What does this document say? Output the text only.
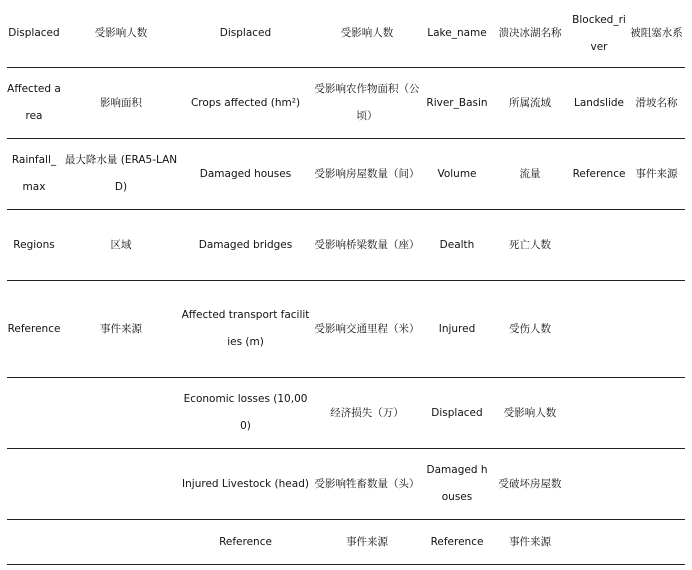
Displaced	受影响人数	Displaced	受影响人数	Lake_name	溃决冰湖名称	Blocked_river	被阻塞水系
Affected area	影响面积	Crops affected (hm²)	受影响农作物面积（公顷）	River_Basin	所属流域	Landslide	滑坡名称
Rainfall_max	最大降水量 (ERA5-LAND)	Damaged houses	受影响房屋数量（间）	Volume	流量	Reference	事件来源
Regions	区域	Damaged bridges	受影响桥梁数量（座）	Dealth	死亡人数		
Reference	事件来源	Affected transport facilities (m)	受影响交通里程（米）	Injured	受伤人数		
		Economic losses (10,000)	经济损失（万）	Displaced	受影响人数		
		Injured Livestock (head)	受影响牲畜数量（头）	Damaged houses	受破坏房屋数		
		Reference	事件来源	Reference	事件来源		
